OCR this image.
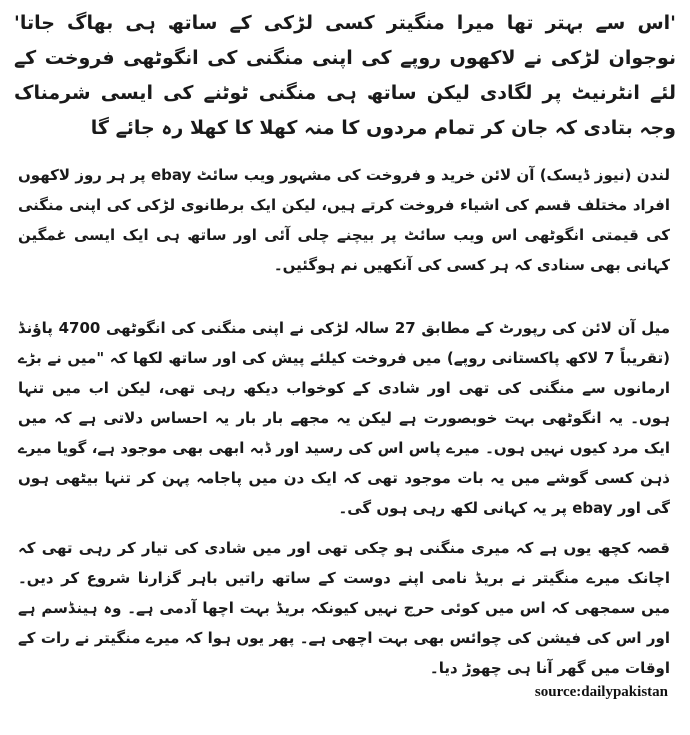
'اس سے بہتر تھا میرا منگیتر کسی لڑکی کے ساتھ ہی بھاگ جاتا' نوجوان لڑکی نے لاکھوں روپے کی اپنی منگنی کی انگوٹھی فروخت کے لئے انٹرنیٹ پر لگادی لیکن ساتھ ہی منگنی ٹوٹنے کی ایسی شرمناک وجہ بتادی کہ جان کر تمام مردوں کا منہ کھلا کا کھلا رہ جائے گا
لندن (نیوز ڈیسک) آن لائن خرید و فروخت کی مشہور ویب سائٹ ebay پر ہر روز لاکھوں افراد مختلف قسم کی اشیاء فروخت کرتے ہیں، لیکن ایک برطانوی لڑکی کی اپنی منگنی کی قیمتی انگوٹھی اس ویب سائٹ پر بیچنے چلی آئی اور ساتھ ہی ایک ایسی غمگین کہانی بھی سنادی کہ ہر کسی کی آنکھیں نم ہوگئیں۔
میل آن لائن کی رپورٹ کے مطابق 27 سالہ لڑکی نے اپنی منگنی کی انگوٹھی 4700 پاؤنڈ (تقریباً 7 لاکھ پاکستانی روپے) میں فروخت کیلئے پیش کی اور ساتھ لکھا کہ "میں نے بڑے ارمانوں سے منگنی کی تھی اور شادی کے کوخواب دیکھ رہی تھی، لیکن اب میں تنہا ہوں۔ یہ انگوٹھی بہت خوبصورت ہے لیکن یہ مجھے بار بار یہ احساس دلاتی ہے کہ میں ایک مرد کیوں نہیں ہوں۔ میرے پاس اس کی رسید اور ڈبہ ابھی بھی موجود ہے، گویا میرے ذہن کسی گوشے میں یہ بات موجود تھی کہ ایک دن میں پاجامہ پہن کر تنہا بیٹھی ہوں گی اور ebay پر یہ کہانی لکھ رہی ہوں گی۔
قصہ کچھ یوں ہے کہ میری منگنی ہو چکی تھی اور میں شادی کی تیار کر رہی تھی کہ اچانک میرے منگیتر نے بریڈ نامی اپنے دوست کے ساتھ راتیں باہر گزارنا شروع کر دیں۔ میں سمجھی کہ اس میں کوئی حرج نہیں کیونکہ بریڈ بہت اچھا آدمی ہے۔ وہ ہینڈسم ہے اور اس کی فیشن کی چوائس بھی بہت اچھی ہے۔ پھر یوں ہوا کہ میرے منگیتر نے رات کے اوقات میں گھر آنا ہی چھوڑ دیا۔
source:dailypakistan
